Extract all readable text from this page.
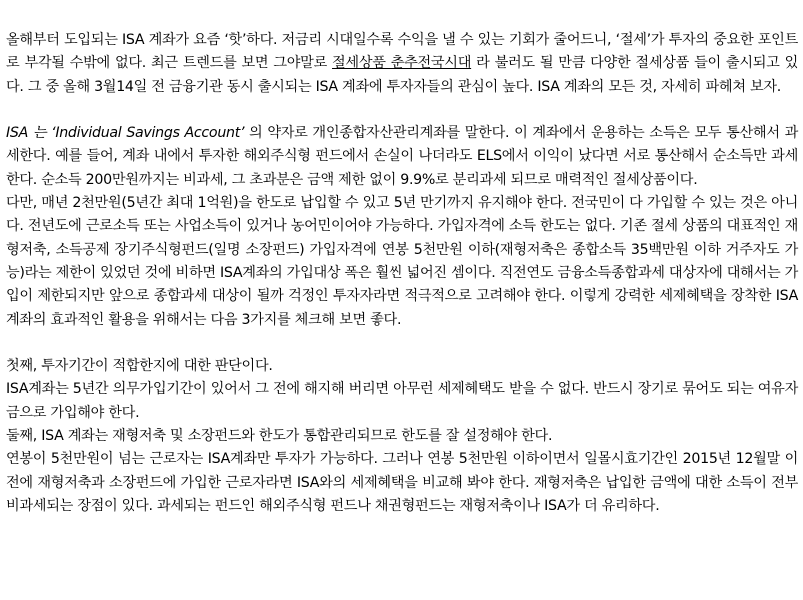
올해부터 도입되는 ISA 계좌가 요즘 ‘핫’하다. 저금리 시대일수록 수익을 낼 수 있는 기회가 줄어드니, ‘절세’가 투자의 중요한 포인트로 부각될 수밖에 없다. 최근 트렌드를 보면 그야말로 절세상품 춘추전국시대 라 불러도 될 만큼 다양한 절세상품 들이 출시되고 있다. 그 중 올해 3월14일 전 금융기관 동시 출시되는 ISA 계좌에 투자자들의 관심이 높다. ISA 계좌의 모든 것, 자세히 파헤쳐 보자.

ISA 는 ‘Individual Savings Account’ 의 약자로 개인종합자산관리계좌를 말한다. 이 계좌에서 운용하는 소득은 모두 통산해서 과세한다. 예를 들어, 계좌 내에서 투자한 해외주식형 펀드에서 손실이 나더라도 ELS에서 이익이 났다면 서로 통산해서 순소득만 과세한다. 순소득 200만원까지는 비과세, 그 초과분은 금액 제한 없이 9.9%로 분리과세 되므로 매력적인 절세상품이다.

다만, 매년 2천만원(5년간 최대 1억원)을 한도로 납입할 수 있고 5년 만기까지 유지해야 한다. 전국민이 다 가입할 수 있는 것은 아니다. 전년도에 근로소득 또는 사업소득이 있거나 농어민이어야 가능하다. 가입자격에 소득 한도는 없다. 기존 절세 상품의 대표적인 재형저축, 소득공제 장기주식형펀드(일명 소장펀드) 가입자격에 연봉 5천만원 이하(재형저축은 종합소득 35백만원 이하 거주자도 가능)라는 제한이 있었던 것에 비하면 ISA계좌의 가입대상 폭은 훨씬 넓어진 셈이다. 직전연도 금융소득종합과세 대상자에 대해서는 가입이 제한되지만 앞으로 종합과세 대상이 될까 걱정인 투자자라면 적극적으로 고려해야 한다. 이렇게 강력한 세제혜택을 장착한 ISA계좌의 효과적인 활용을 위해서는 다음 3가지를 체크해 보면 좋다.

첫째, 투자기간이 적합한지에 대한 판단이다.

ISA계좌는 5년간 의무가입기간이 있어서 그 전에 해지해 버리면 아무런 세제혜택도 받을 수 없다. 반드시 장기로 묶어도 되는 여유자금으로 가입해야 한다.

둘째, ISA 계좌는 재형저축 및 소장펀드와 한도가 통합관리되므로 한도를 잘 설정해야 한다.

연봉이 5천만원이 넘는 근로자는 ISA계좌만 투자가 가능하다. 그러나 연봉 5천만원 이하이면서 일몰시효기간인 2015년 12월말 이전에 재형저축과 소장펀드에 가입한 근로자라면 ISA와의 세제혜택을 비교해 봐야 한다. 재형저축은 납입한 금액에 대한 소득이 전부 비과세되는 장점이 있다. 과세되는 펀드인 해외주식형 펀드나 채권형펀드는 재형저축이나 ISA가 더 유리하다.
